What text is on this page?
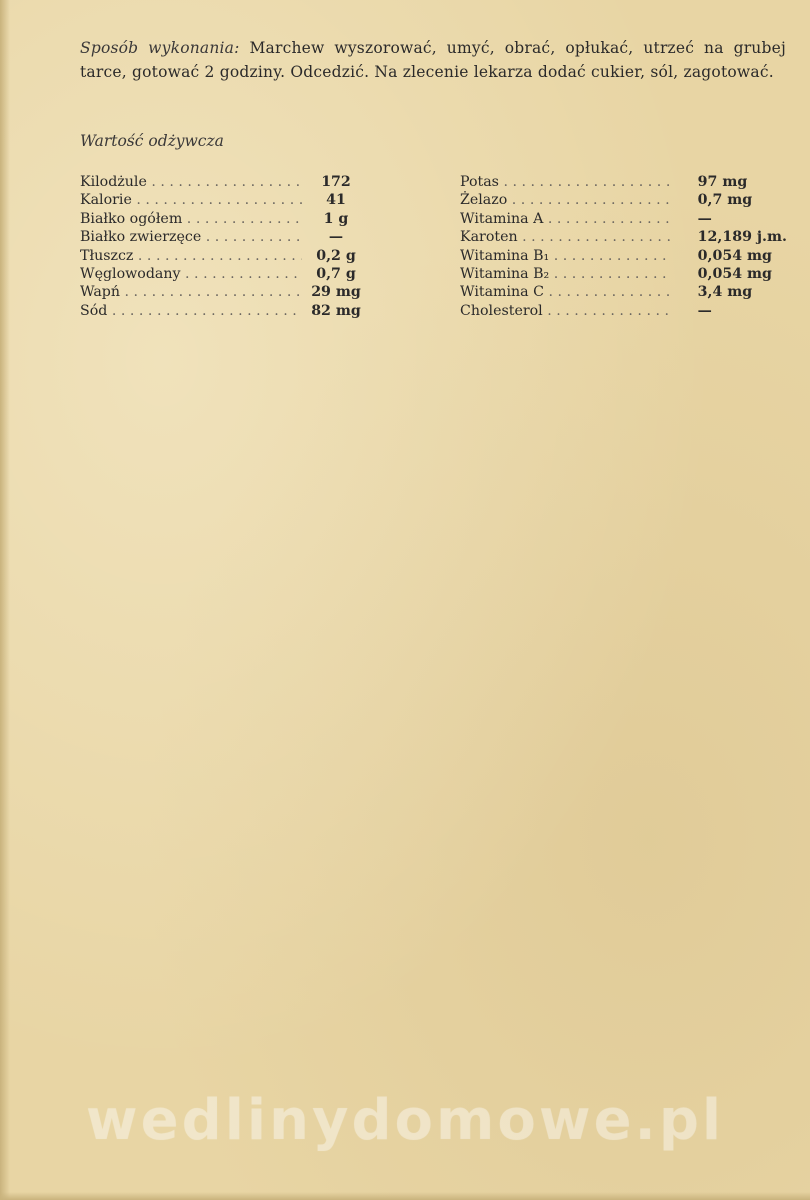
Sposób wykonania: Marchew wyszorować, umyć, obrać, opłukać, utrzeć na grubej tarce, gotować 2 godziny. Odcedzić. Na zlecenie lekarza dodać cukier, sól, zagotować.

Wartość odżywcza
Kilodżule . . .	172
Kalorie . . .	41
Białko ogółem . . .	1 g
Białko zwierzęce . . .	—
Tłuszcz . . .	0,2 g
Węglowodany . . .	0,7 g
Wapń . . .	29 mg
Sód . . .	82 mg
Potas . . .	97 mg
Żelazo . . .	0,7 mg
Witamina A . . .	—
Karoten . . .	12,189 j.m.
Witamina B₁ . . .	0,054 mg
Witamina B₂ . . .	0,054 mg
Witamina C . . .	3,4 mg
Cholesterol . . .	—
wedlinydomowe.pl
